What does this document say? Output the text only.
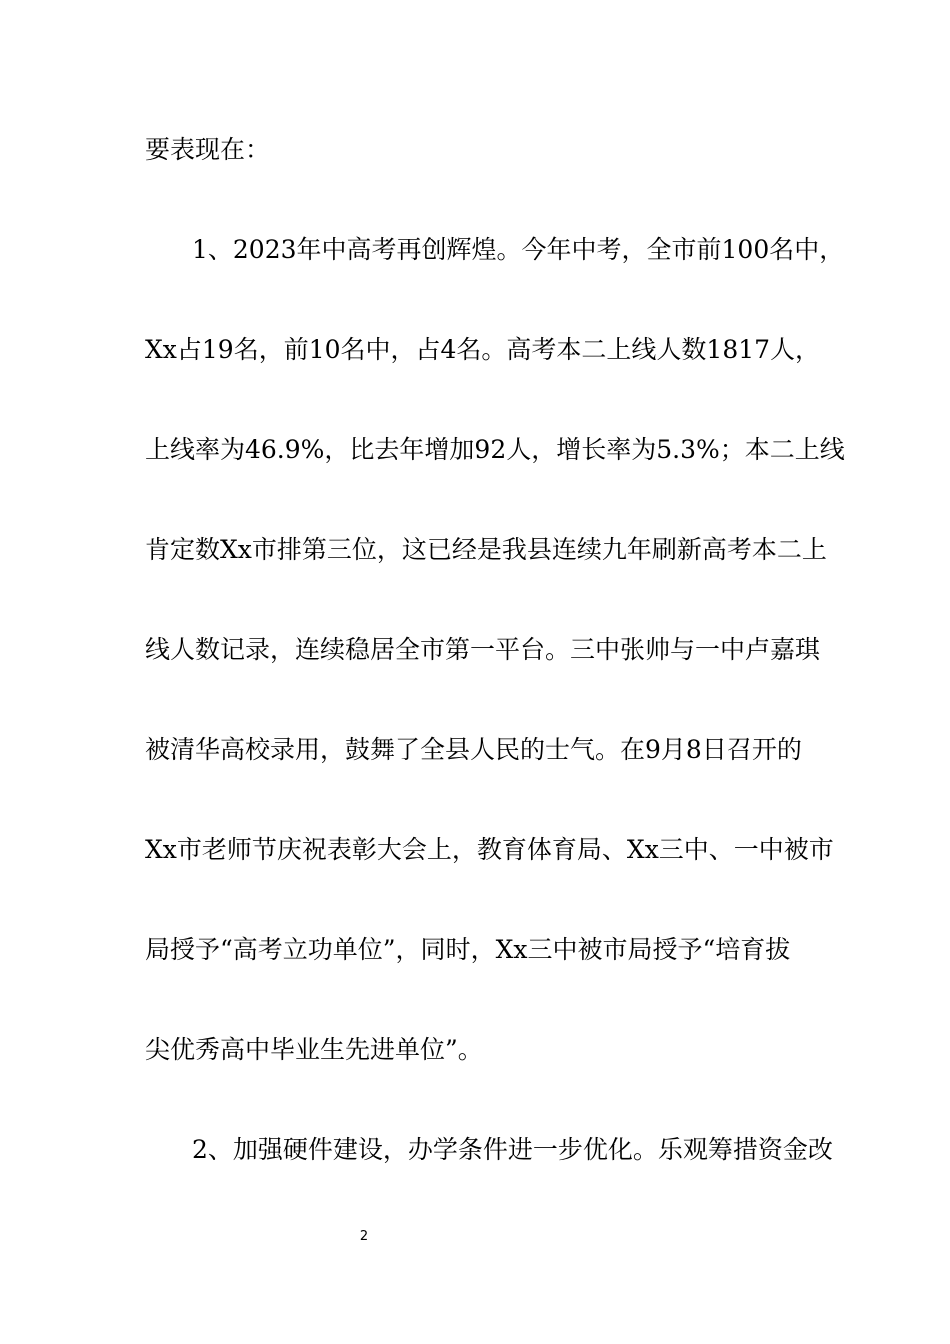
要表现在：
1、2023年中高考再创辉煌。今年中考，全市前100名中，
Xx占19名，前10名中，占4名。高考本二上线人数1817人，
上线率为46.9%，比去年增加92人，增长率为5.3%；本二上线
肯定数Xx市排第三位，这已经是我县连续九年刷新高考本二上
线人数记录，连续稳居全市第一平台。三中张帅与一中卢嘉琪
被清华高校录用，鼓舞了全县人民的士气。在9月8日召开的
Xx市老师节庆祝表彰大会上，教育体育局、Xx三中、一中被市
局授予“高考立功单位”，同时，Xx三中被市局授予“培育拔
尖优秀高中毕业生先进单位”。
2、加强硬件建设，办学条件进一步优化。乐观筹措资金改
2
